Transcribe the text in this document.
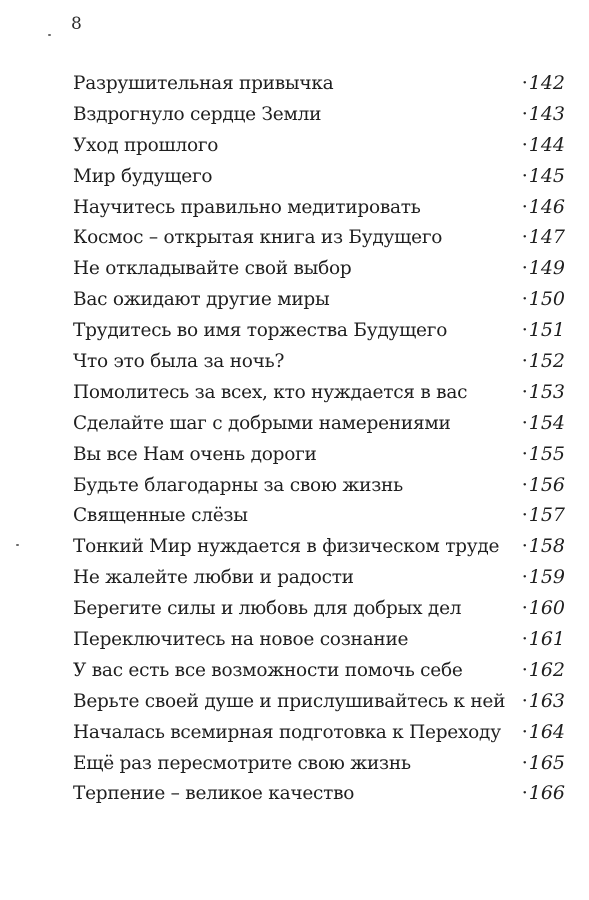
8
Разрушительная привычка	· 142
Вздрогнуло сердце Земли	· 143
Уход прошлого	· 144
Мир будущего	· 145
Научитесь правильно медитировать	· 146
Космос – открытая книга из Будущего	· 147
Не откладывайте свой выбор	· 149
Вас ожидают другие миры	· 150
Трудитесь во имя торжества Будущего	· 151
Что это была за ночь?	· 152
Помолитесь за всех, кто нуждается в вас	· 153
Сделайте шаг с добрыми намерениями	· 154
Вы все Нам очень дороги	· 155
Будьте благодарны за свою жизнь	· 156
Священные слёзы	· 157
Тонкий Мир нуждается в физическом труде	· 158
Не жалейте любви и радости	· 159
Берегите силы и любовь для добрых дел	· 160
Переключитесь на новое сознание	· 161
У вас есть все возможности помочь себе	· 162
Верьте своей душе и прислушивайтесь к ней	· 163
Началась всемирная подготовка к Переходу	· 164
Ещё раз пересмотрите свою жизнь	· 165
Терпение – великое качество	· 166
